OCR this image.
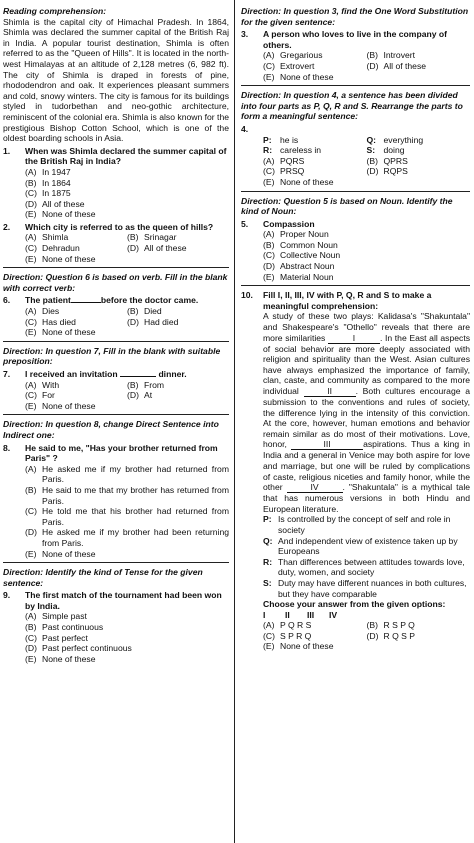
Reading comprehension:
Shimla is the capital city of Himachal Pradesh. In 1864, Shimla was declared the summer capital of the British Raj in India. A popular tourist destination, Shimla is often referred to as the "Queen of Hills". It is located in the north-west Himalayas at an altitude of 2,128 metres (6, 982 ft). The city of Shimla is draped in forests of pine, rhododendron and oak. It experiences pleasant summers and cold, snowy winters. The city is famous for its buildings styled in tudorbethan and neo-gothic architecture, reminiscent of the colonial era. Shimla is also known for the prestigious Bishop Cotton School, which is one of the oldest boarding schools in Asia.
1.	When was Shimla declared the summer capital of the British Raj in India?
(A) In 1947
(B) In 1864
(C) In 1875
(D) All of these
(E) None of these
2.	Which city is referred to as the queen of hills?
(A) Shimla	(B) Srinagar
(C) Dehradun	(D) All of these
(E) None of these
Direction: Question 6 is based on verb. Fill in the blank with correct verb:
6.	The patient	before the doctor came.
(A) Dies	(B) Died
(C) Has died	(D) Had died
(E) None of these
Direction: In question 7, Fill in the blank with suitable preposition:
7.	I received an invitation	dinner.
(A) With	(B) From
(C) For	(D) At
(E) None of these
Direction: In question 8, change Direct Sentence into Indirect one:
8.	He said to me, "Has your brother returned from Paris" ?
(A) He asked me if my brother had returned from Paris.
(B) He said to me that my brother has returned from Paris.
(C) He told me that his brother had returned from Paris.
(D) He asked me if my brother had been returning from Paris.
(E) None of these
Direction: Identify the kind of Tense for the given sentence:
9.	The first match of the tournament had been won by India.
(A) Simple past
(B) Past continuous
(C) Past perfect
(D) Past perfect continuous
(E) None of these
Direction: In question 3, find the One Word Substitution for the given sentence:
3.	A person who loves to live in the company of others.
(A) Gregarious	(B) Introvert
(C) Extrovert	(D) All of these
(E) None of these
Direction: In question 4, a sentence has been divided into four parts as P, Q, R and S. Rearrange the parts to form a meaningful sentence:
4.
P: he is	Q: everything
R: careless in	S: doing
(A) PQRS	(B) QPRS
(C) PRSQ	(D) RQPS
(E) None of these
Direction: Question 5 is based on Noun. Identify the kind of Noun:
5.	Compassion
(A) Proper Noun
(B) Common Noun
(C) Collective Noun
(D) Abstract Noun
(E) Material Noun
10.	Fill I, II, III, IV with P, Q, R and S to make a meaningful comprehension:
A study of these two plays: Kalidasa's "Shakuntala" and Shakespeare's "Othello" reveals that there are more similarities	I	. In the East all aspects of social behavior are more deeply associated with religion and spirituality than the West. Asian cultures have always emphasized the importance of family, clan, caste, and community as compared to the more individual	II	. Both cultures encourage a submission to the conventions and rules of society, the difference lying in the intensity of this conviction. At the core, however, human emotions and behavior remain similar as do most of their motivations. Love, honor,	III	aspirations. Thus a king in India and a general in Venice may both aspire for love and marriage, but one will be ruled by complications of caste, religious niceties and family honor, while the other	IV	. "Shakuntala" is a mythical tale that has numerous versions in both Hindu and European literature.
P: Is controlled by the concept of self and role in society
Q: And independent view of existence taken up by Europeans
R: Than differences between attitudes towards love, duty, women, and society
S: Duty may have different nuances in both cultures, but they have comparable
Choose your answer from the given options:
I	II	III	IV
(A) P Q R S	(B) R S P Q
(C) S P R Q	(D) R Q S P
(E) None of these
